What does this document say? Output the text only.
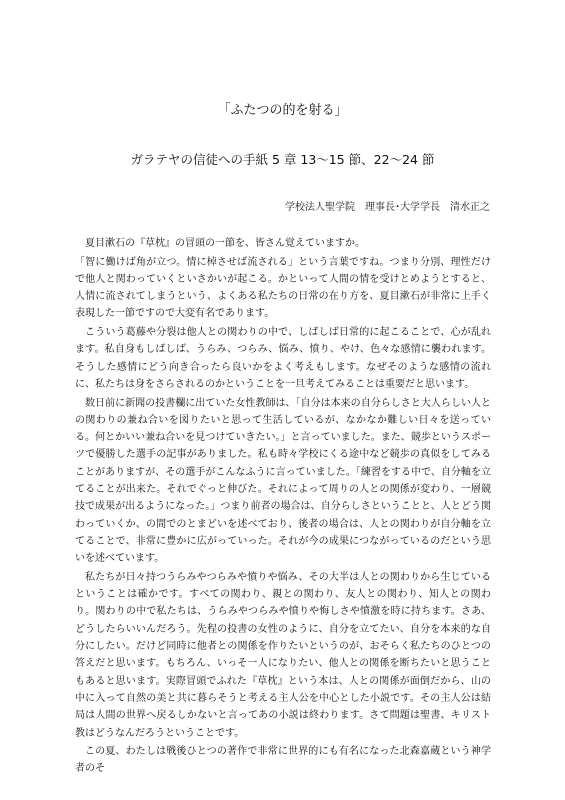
「ふたつの的を射る」
ガラテヤの信徒への手紙 5 章 13～15 節、22～24 節
学校法人聖学院　理事長･大学学長　清水正之

夏目漱石の『草枕』の冒頭の一節を、皆さん覚えていますか。

「智に働けば角が立つ。情に棹させば流される」という言葉ですね。つまり分別、理性だけで他人と関わっていくといさかいが起こる。かといって人間の情を受けとめようとすると、人情に流されてしまうという、よくある私たちの日常の在り方を、夏目漱石が非常に上手く表現した一節ですので大変有名であります。

こういう葛藤や分裂は他人との関わりの中で、しばしば日常的に起こることで、心が乱れます。私自身もしばしば、うらみ、つらみ、悩み、憤り、やけ、色々な感情に襲われます。そうした感情にどう向き合ったら良いかをよく考えもします。なぜそのような感情の流れに、私たちは身をさらされるのかということを一旦考えてみることは重要だと思います。

数日前に新聞の投書欄に出ていた女性教師は、「自分は本来の自分らしさと大人らしい人との関わりの兼ね合いを図りたいと思って生活しているが、なかなか難しい日々を送っている。何とかいい兼ね合いを見つけていきたい。」と言っていました。また、競歩というスポーツで優勝した選手の記事がありました。私も時々学校にくる途中など競歩の真似をしてみることがありますが、その選手がこんなふうに言っていました。「練習をする中で、自分軸を立てることが出来た。それでぐっと伸びた。それによって周りの人との関係が変わり、一層競技で成果が出るようになった。」つまり前者の場合は、自分らしさということと、人とどう関わっていくか、の間でのとまどいを述べており、後者の場合は、人との関わりが自分軸を立てることで、非常に豊かに広がっていった。それが今の成果につながっているのだという思いを述べています。

私たちが日々持つうらみやつらみや憤りや悩み、その大半は人との関わりから生じているということは確かです。すべての関わり、親との関わり、友人との関わり、知人との関わり。関わりの中で私たちは、うらみやつらみや憤りや悔しさや憤激を時に持ちます。さあ、どうしたらいいんだろう。先程の投書の女性のように、自分を立てたい、自分を本来的な自分にしたい。だけど同時に他者との関係を作りたいというのが、おそらく私たちのひとつの答えだと思います。もちろん、いっそ一人になりたい、他人との関係を断ちたいと思うこともあると思います。実際冒頭でふれた『草枕』という本は、人との関係が面倒だから、山の中に入って自然の美と共に暮らそうと考える主人公を中心とした小説です。その主人公は結局は人間の世界へ戻るしかないと言ってあの小説は終わります。さて問題は聖書、キリスト教はどうなんだろうということです。

この夏、わたしは戦後ひとつの著作で非常に世界的にも有名になった北森嘉蔵という神学者のそ
